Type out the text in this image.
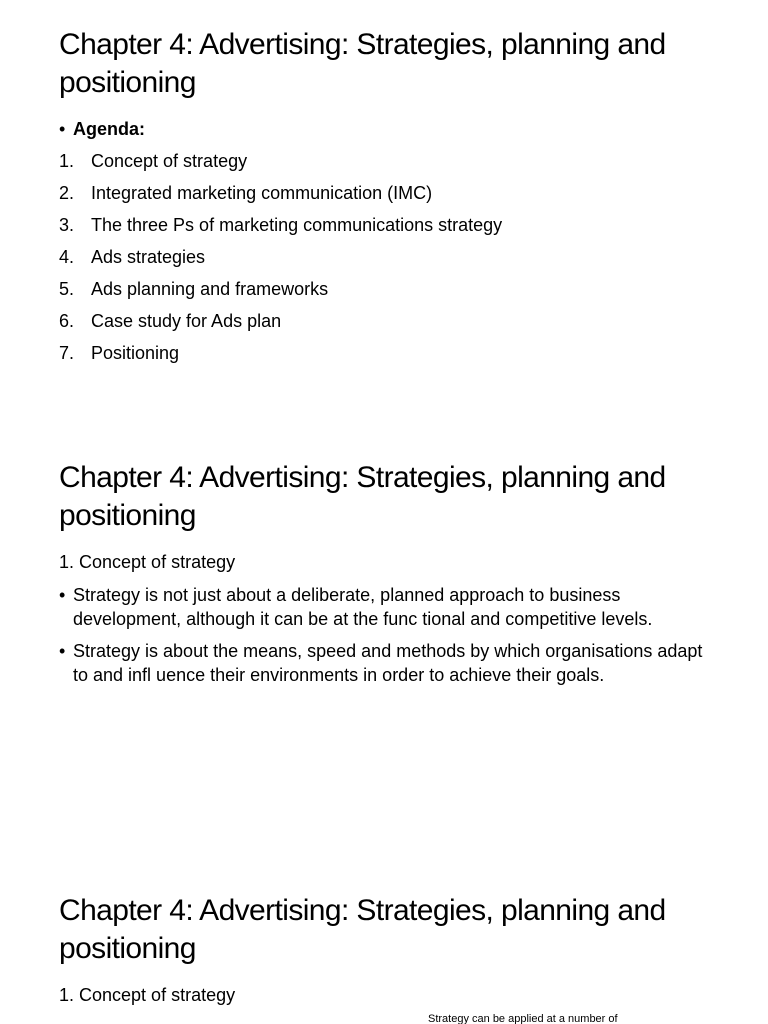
Chapter 4: Advertising: Strategies, planning and positioning
• Agenda:
1. Concept of strategy
2. Integrated marketing communication (IMC)
3. The three Ps of marketing communications strategy
4. Ads strategies
5. Ads planning and frameworks
6. Case study for Ads plan
7. Positioning
Chapter 4: Advertising: Strategies, planning and positioning
1. Concept of strategy
• Strategy is not just about a deliberate, planned approach to business development, although it can be at the func tional and competitive levels.
• Strategy is about the means, speed and methods by which organisations adapt to and infl uence their environments in order to achieve their goals.
Chapter 4: Advertising: Strategies, planning and positioning
1. Concept of strategy
Strategy can be applied at a number of
